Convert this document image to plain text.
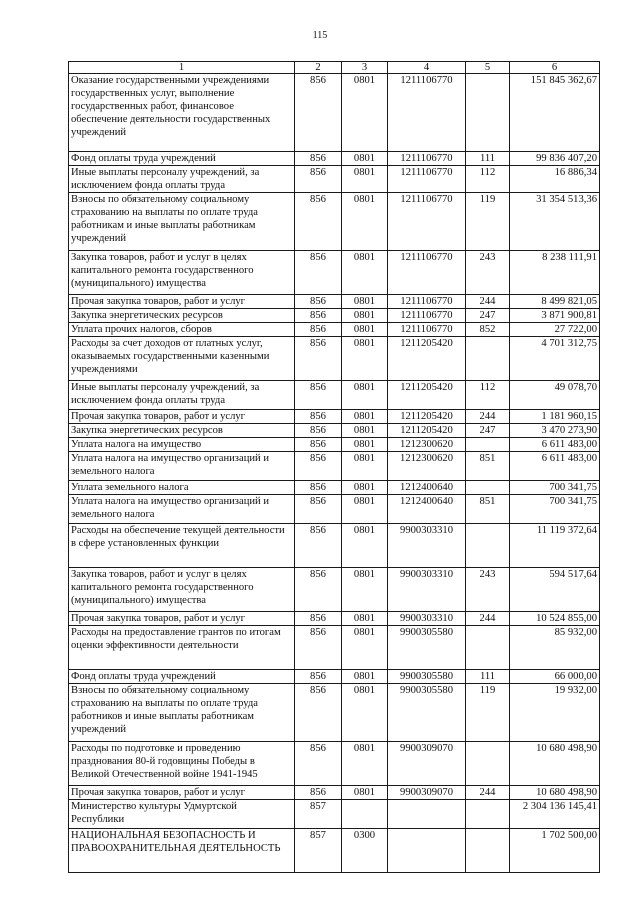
115
1	2	3	4	5	6
Оказание государственными учреждениями государственных услуг, выполнение государственных работ, финансовое обеспечение деятельности государственных учреждений	856	0801	1211106770		151 845 362,67
Фонд оплаты труда учреждений	856	0801	1211106770	111	99 836 407,20
Иные выплаты персоналу учреждений, за исключением фонда оплаты труда	856	0801	1211106770	112	16 886,34
Взносы по обязательному социальному страхованию на выплаты по оплате труда работникам и иные выплаты работникам учреждений	856	0801	1211106770	119	31 354 513,36
Закупка товаров, работ и услуг в целях капитального ремонта государственного (муниципального) имущества	856	0801	1211106770	243	8 238 111,91
Прочая закупка товаров, работ и услуг	856	0801	1211106770	244	8 499 821,05
Закупка энергетических ресурсов	856	0801	1211106770	247	3 871 900,81
Уплата прочих налогов, сборов	856	0801	1211106770	852	27 722,00
Расходы за счет доходов от платных услуг, оказываемых государственными казенными учреждениями	856	0801	1211205420		4 701 312,75
Иные выплаты персоналу учреждений, за исключением фонда оплаты труда	856	0801	1211205420	112	49 078,70
Прочая закупка товаров, работ и услуг	856	0801	1211205420	244	1 181 960,15
Закупка энергетических ресурсов	856	0801	1211205420	247	3 470 273,90
Уплата налога на имущество	856	0801	1212300620		6 611 483,00
Уплата налога на имущество организаций и земельного налога	856	0801	1212300620	851	6 611 483,00
Уплата земельного налога	856	0801	1212400640		700 341,75
Уплата налога на имущество организаций и земельного налога	856	0801	1212400640	851	700 341,75
Расходы на обеспечение текущей деятельности в сфере установленных функции	856	0801	9900303310		11 119 372,64
Закупка товаров, работ и услуг в целях капитального ремонта государственного (муниципального) имущества	856	0801	9900303310	243	594 517,64
Прочая закупка товаров, работ и услуг	856	0801	9900303310	244	10 524 855,00
Расходы на предоставление грантов по итогам оценки эффективности деятельности	856	0801	9900305580		85 932,00
Фонд оплаты труда учреждений	856	0801	9900305580	111	66 000,00
Взносы по обязательному социальному страхованию на выплаты по оплате труда работников и иные выплаты работникам учреждений	856	0801	9900305580	119	19 932,00
Расходы по подготовке и проведению празднования 80-й годовщины Победы в Великой Отечественной войне 1941-1945	856	0801	9900309070		10 680 498,90
Прочая закупка товаров, работ и услуг	856	0801	9900309070	244	10 680 498,90
Министерство культуры Удмуртской Республики	857				2 304 136 145,41
НАЦИОНАЛЬНАЯ БЕЗОПАСНОСТЬ И ПРАВООХРАНИТЕЛЬНАЯ ДЕЯТЕЛЬНОСТЬ	857	0300			1 702 500,00
